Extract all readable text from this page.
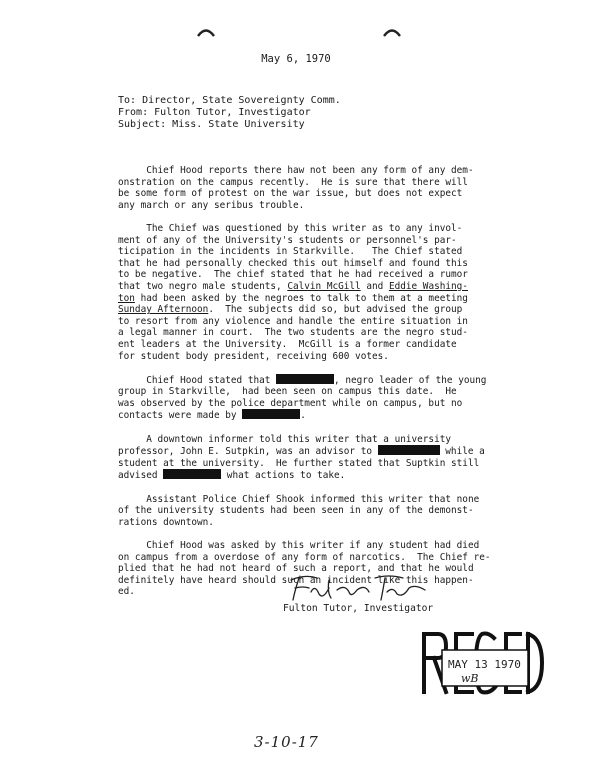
May 6, 1970
To: Director, State Sovereignty Comm.
From: Fulton Tutor, Investigator
Subject: Miss. State University
Chief Hood reports there haw not been any form of any dem-
onstration on the campus recently.  He is sure that there will
be some form of protest on the war issue, but does not expect
any march or any seribus trouble.
The Chief was questioned by this writer as to any invol-
ment of any of the University's students or personnel's par-
ticipation in the incidents in Starkville.   The Chief stated
that he had personally checked this out himself and found this
to be negative.  The chief stated that he had received a rumor
that two negro male students, Calvin McGill and Eddie Washing-
ton had been asked by the negroes to talk to them at a meeting
Sunday Afternoon.  The subjects did so, but advised the group
to resort from any violence and handle the entire situation in
a legal manner in court.  The two students are the negro stud-
ent leaders at the University.  McGill is a former candidate
for student body president, receiving 600 votes.
Chief Hood stated that	, negro leader of the young
group in Starkville,  had been seen on campus this date.  He
was observed by the police department while on campus, but no
contacts were made by	.
A downtown informer told this writer that a university
professor, John E. Sutpkin, was an advisor to	while a
student at the university.  He further stated that Suptkin still
advised	what actions to take.
Assistant Police Chief Shook informed this writer that none
of the university students had been seen in any of the demonst-
rations downtown.
Chief Hood was asked by this writer if any student had died
on campus from a overdose of any form of narcotics.  The Chief re-
plied that he had not heard of such a report, and that he would
definitely have heard should such an incident like this happen-
ed.
Fulton Tutor, Investigator
MAY 13 1970
wB
3-10-17
